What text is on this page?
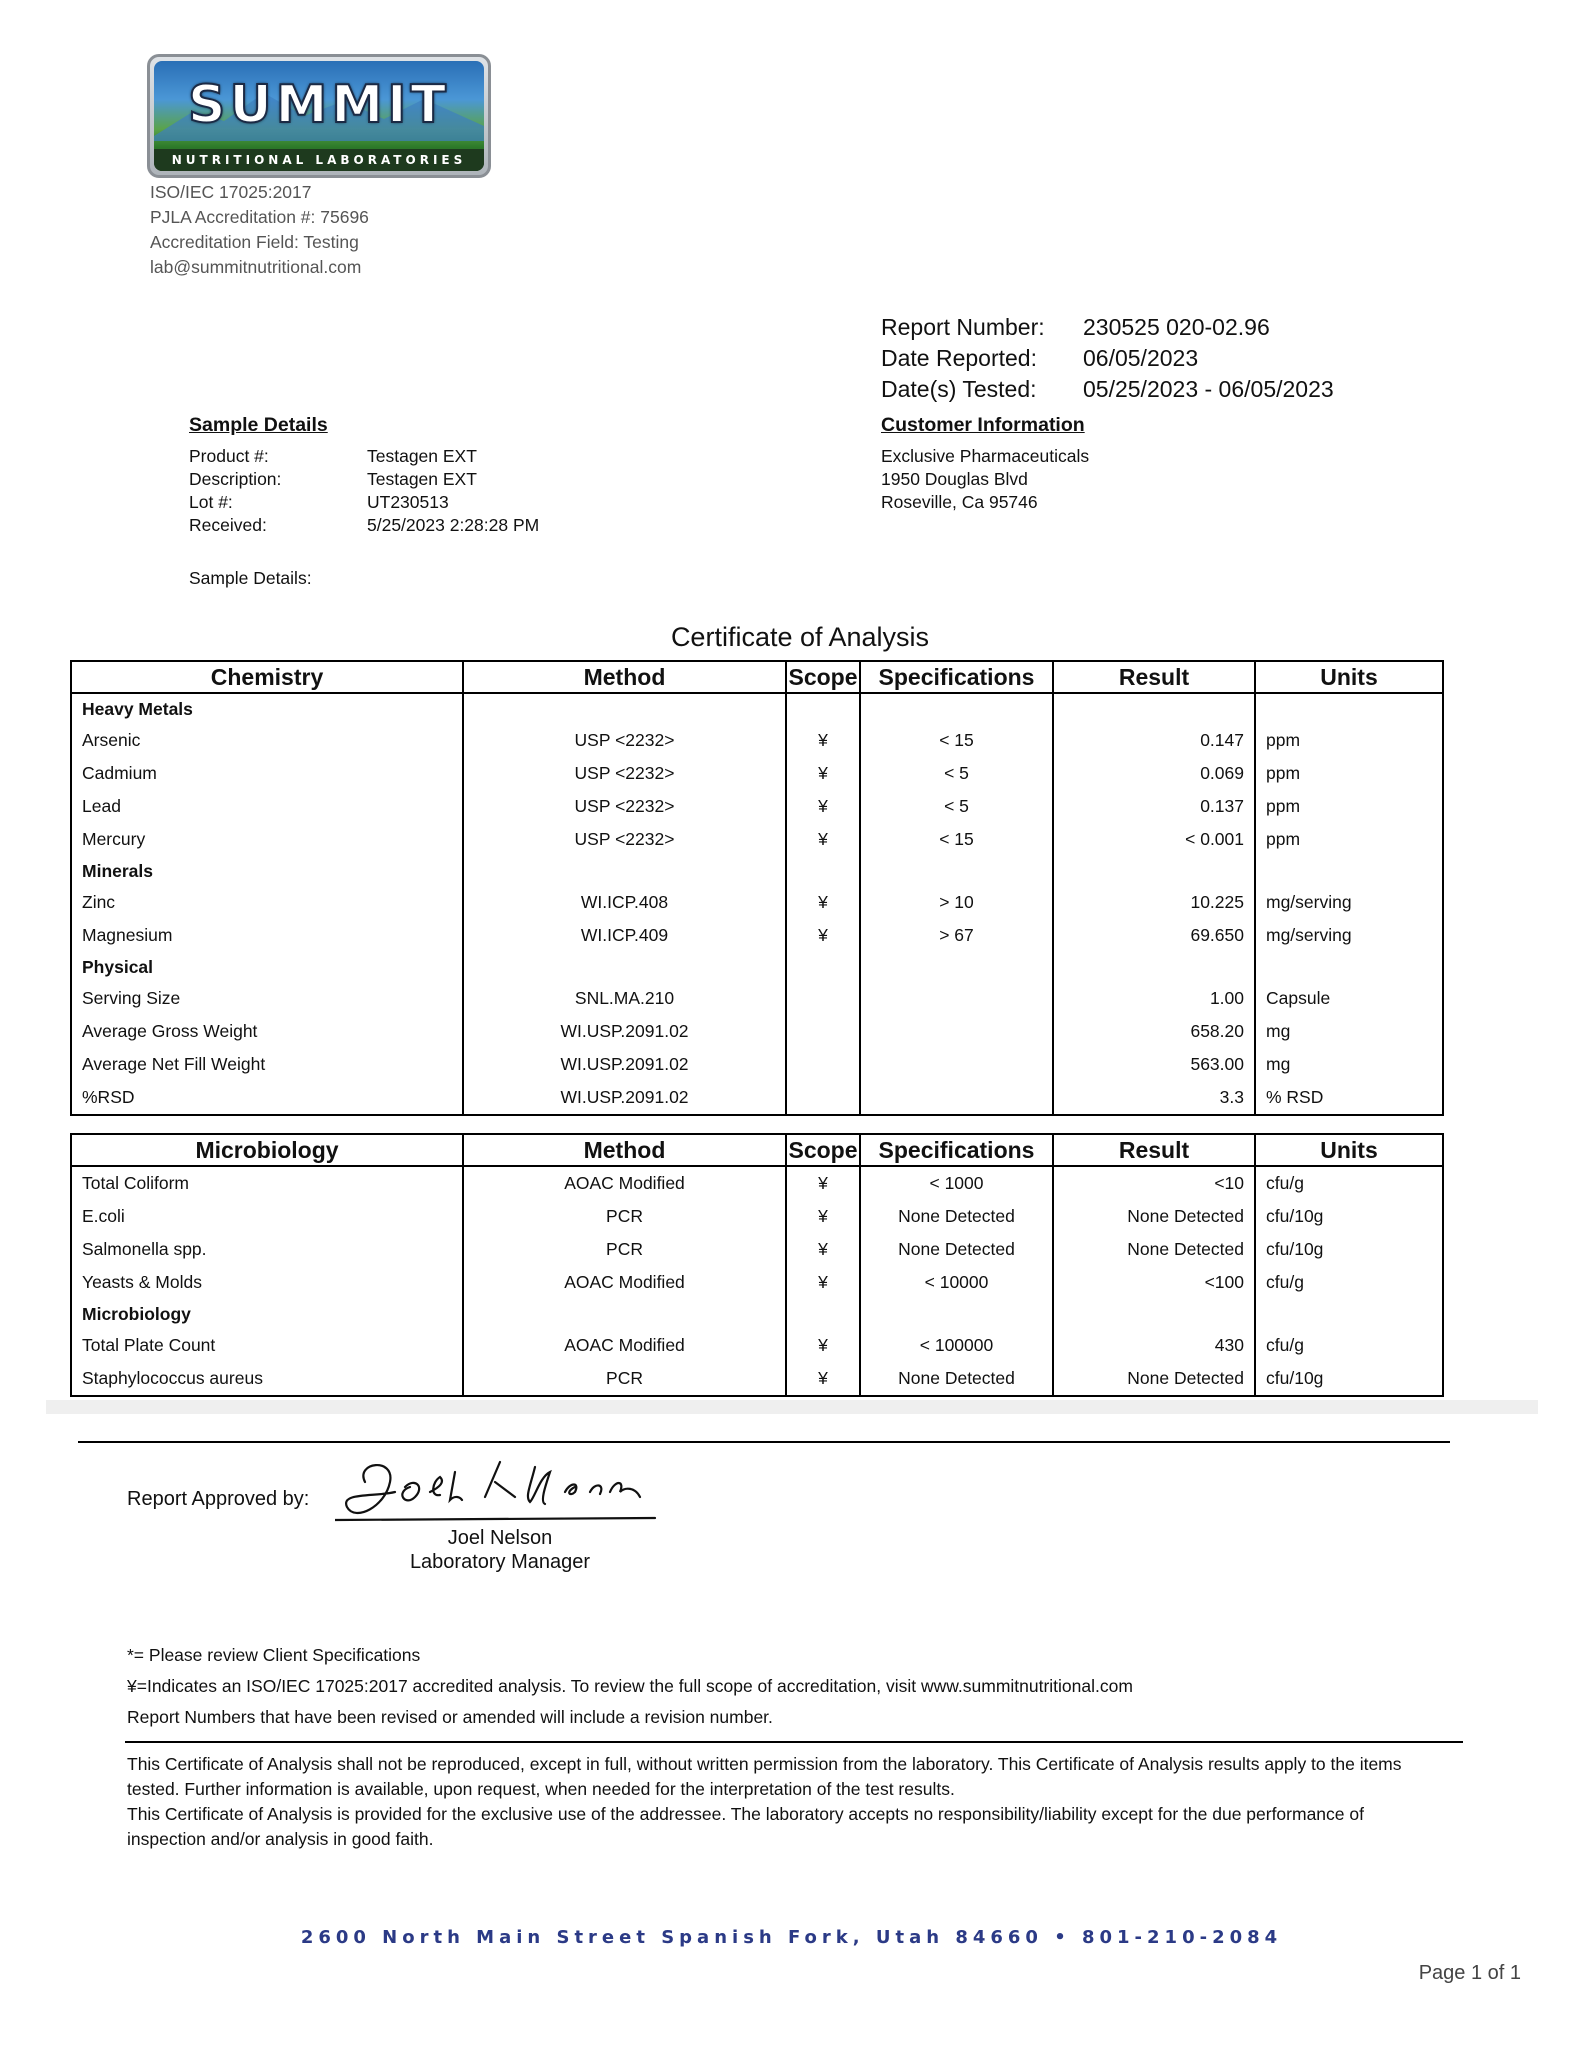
SUMMIT
NUTRITIONAL LABORATORIES
ISO/IEC 17025:2017
PJLA Accreditation #: 75696
Accreditation Field: Testing
lab@summitnutritional.com
Report Number: 230525 020-02.96
Date Reported: 06/05/2023
Date(s) Tested: 05/25/2023 - 06/05/2023
Sample Details
Product #:	Testagen EXT
Description:	Testagen EXT
Lot #:	UT230513
Received:	5/25/2023 2:28:28 PM
Sample Details:
Customer Information
Exclusive Pharmaceuticals
1950 Douglas Blvd
Roseville, Ca 95746
Certificate of Analysis
Chemistry	Method	Scope	Specifications	Result	Units
Heavy Metals					
Arsenic	USP <2232>	¥	< 15	0.147	ppm
Cadmium	USP <2232>	¥	< 5	0.069	ppm
Lead	USP <2232>	¥	< 5	0.137	ppm
Mercury	USP <2232>	¥	< 15	< 0.001	ppm
Minerals					
Zinc	WI.ICP.408	¥	> 10	10.225	mg/serving
Magnesium	WI.ICP.409	¥	> 67	69.650	mg/serving
Physical					
Serving Size	SNL.MA.210			1.00	Capsule
Average Gross Weight	WI.USP.2091.02			658.20	mg
Average Net Fill Weight	WI.USP.2091.02			563.00	mg
%RSD	WI.USP.2091.02			3.3	% RSD
Microbiology	Method	Scope	Specifications	Result	Units
Total Coliform	AOAC Modified	¥	< 1000	<10	cfu/g
E.coli	PCR	¥	None Detected	None Detected	cfu/10g
Salmonella spp.	PCR	¥	None Detected	None Detected	cfu/10g
Yeasts & Molds	AOAC Modified	¥	< 10000	<100	cfu/g
Microbiology					
Total Plate Count	AOAC Modified	¥	< 100000	430	cfu/g
Staphylococcus aureus	PCR	¥	None Detected	None Detected	cfu/10g
Report Approved by:
Joel Nelson
Laboratory Manager
*= Please review Client Specifications
¥=Indicates an ISO/IEC 17025:2017 accredited analysis. To review the full scope of accreditation, visit www.summitnutritional.com
Report Numbers that have been revised or amended will include a revision number.
This Certificate of Analysis shall not be reproduced, except in full, without written permission from the laboratory. This Certificate of Analysis results apply to the items tested. Further information is available, upon request, when needed for the interpretation of the test results.
This Certificate of Analysis is provided for the exclusive use of the addressee. The laboratory accepts no responsibility/liability except for the due performance of inspection and/or analysis in good faith.
2600 North Main Street Spanish Fork, Utah 84660 • 801-210-2084
Page 1 of 1
